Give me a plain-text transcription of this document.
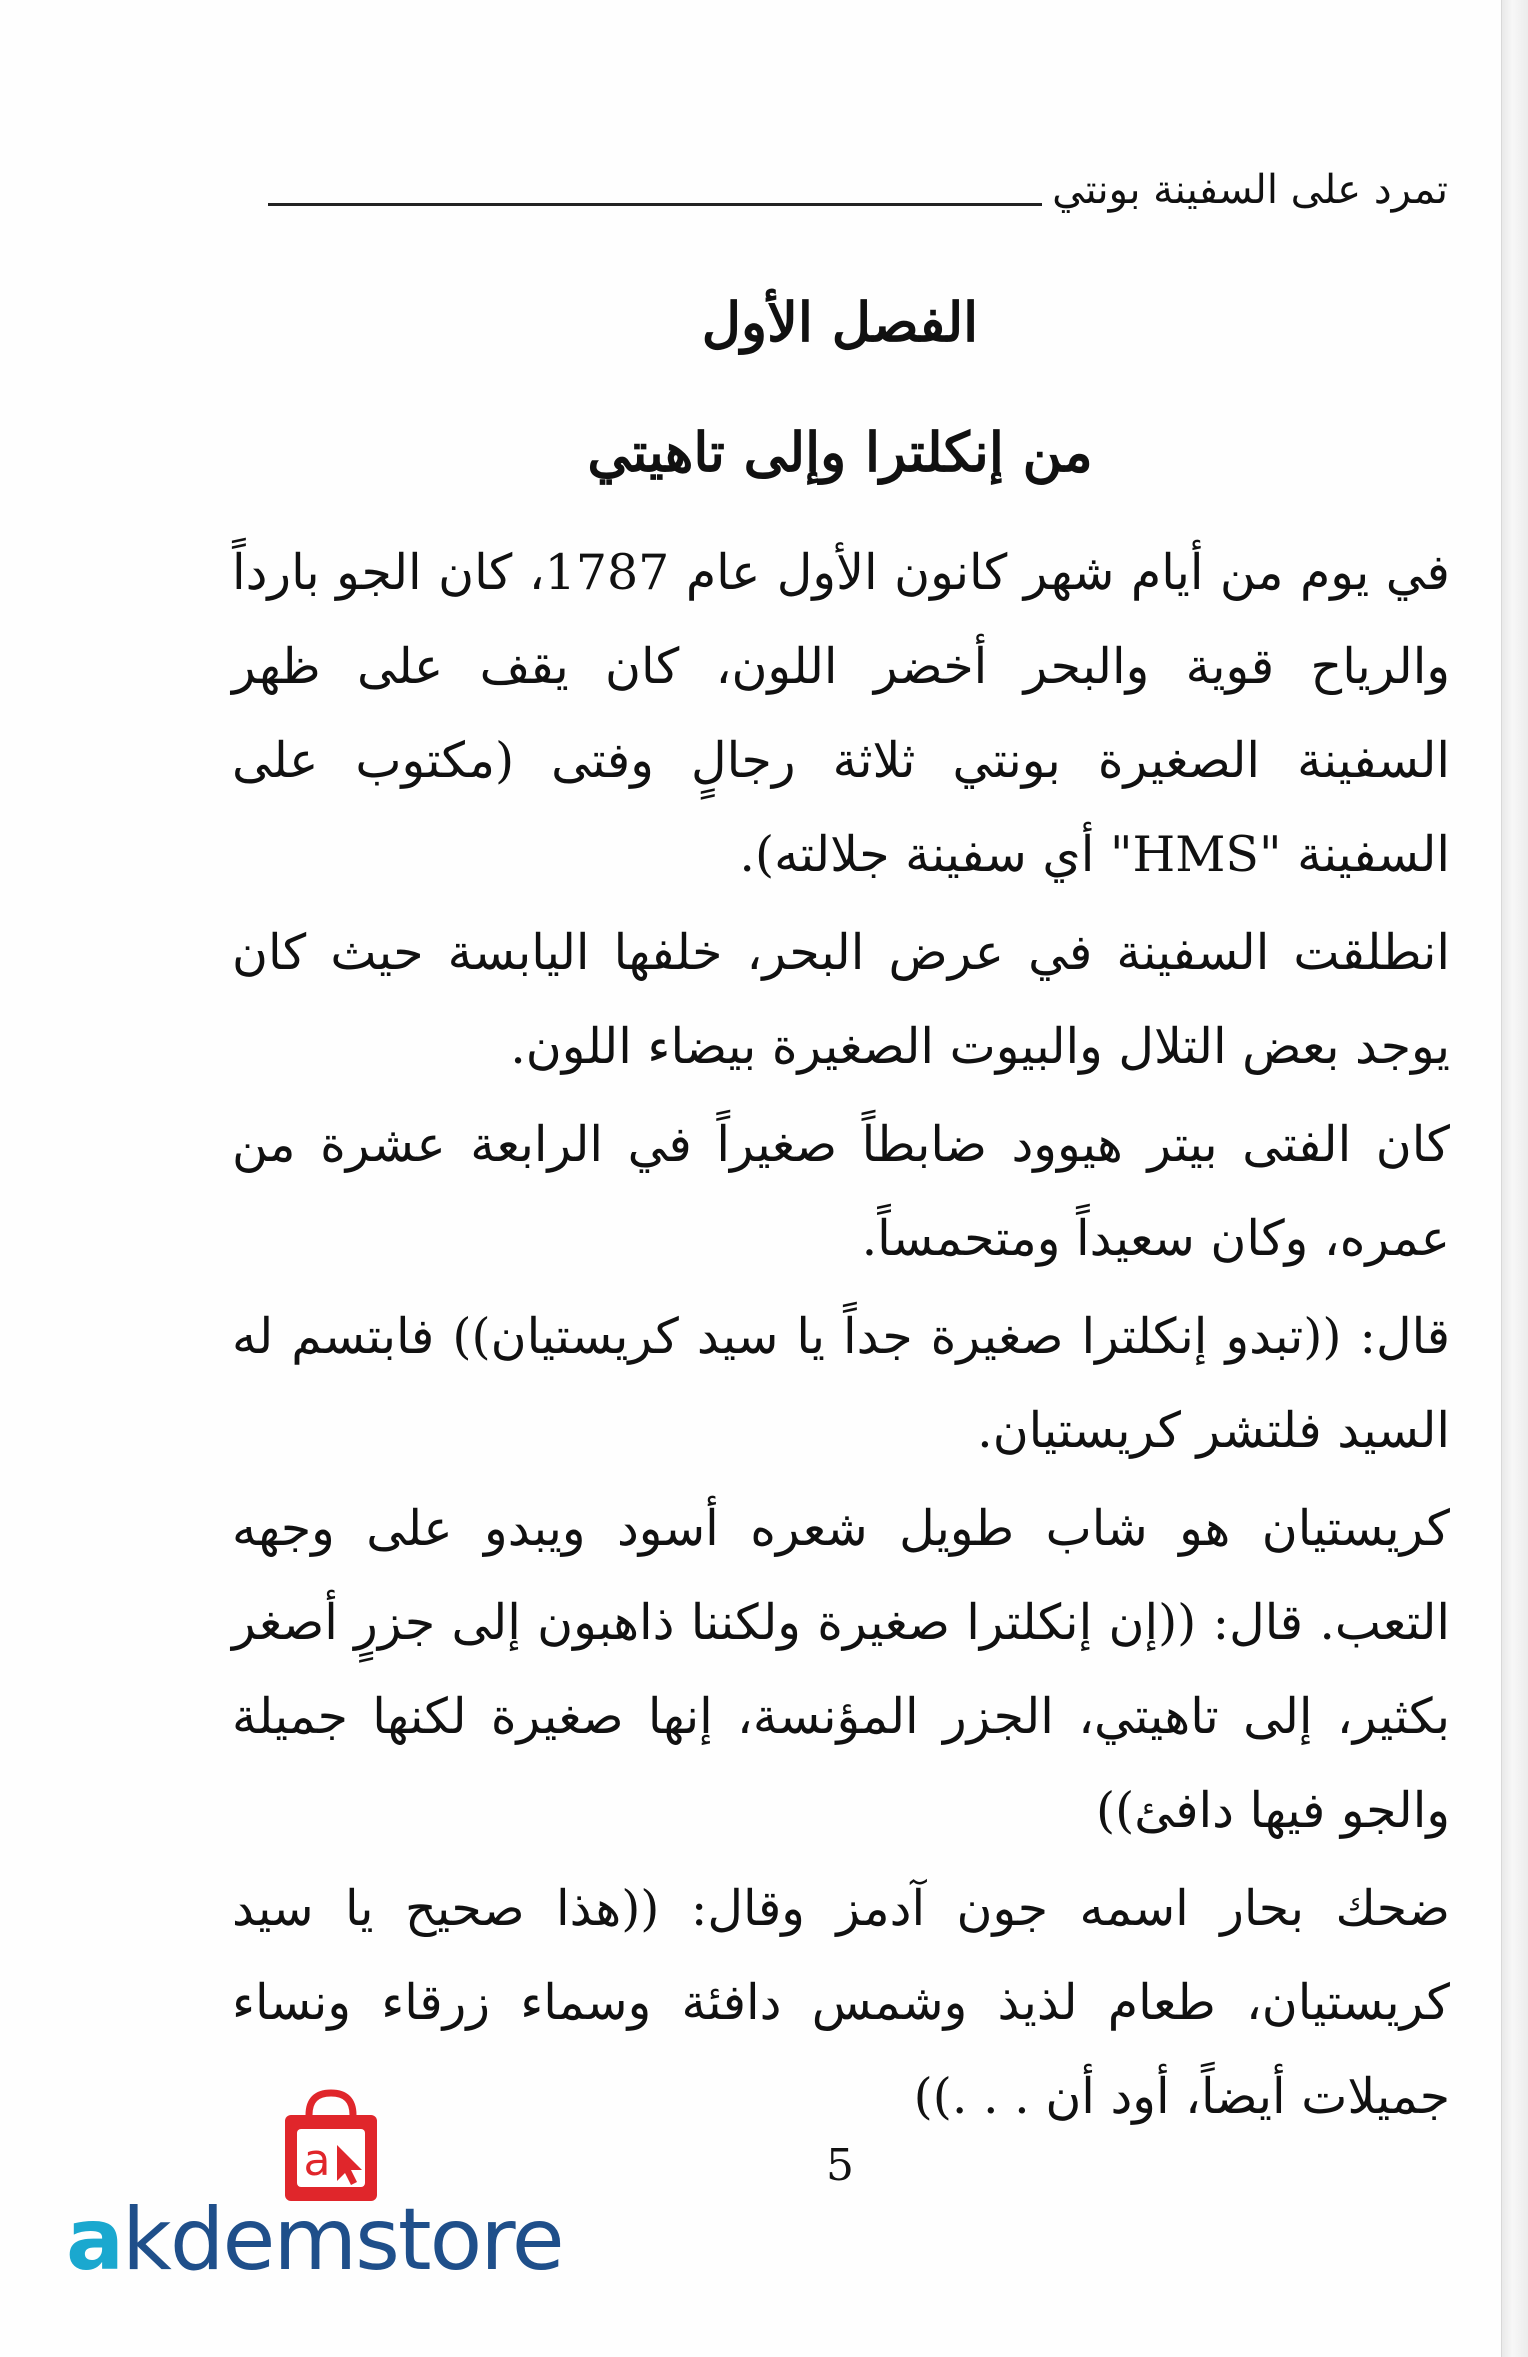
تمرد على السفينة بونتي
الفصل الأول
من إنكلترا وإلى تاهيتي

في يوم من أيام شهر كانون الأول عام 1787، كان الجو بارداً والرياح قوية والبحر أخضر اللون، كان يقف على ظهر السفينة الصغيرة بونتي ثلاثة رجالٍ وفتى (مكتوب على السفينة "HMS" أي سفينة جلالته).

انطلقت السفينة في عرض البحر، خلفها اليابسة حيث كان يوجد بعض التلال والبيوت الصغيرة بيضاء اللون.

كان الفتى بيتر هيوود ضابطاً صغيراً في الرابعة عشرة من عمره، وكان سعيداً ومتحمساً.

قال: ((تبدو إنكلترا صغيرة جداً يا سيد كريستيان)) فابتسم له السيد فلتشر كريستيان.

كريستيان هو شاب طويل شعره أسود ويبدو على وجهه التعب. قال: ((إن إنكلترا صغيرة ولكننا ذاهبون إلى جزرٍ أصغر بكثير، إلى تاهيتي، الجزر المؤنسة، إنها صغيرة لكنها جميلة والجو فيها دافئ))

ضحك بحار اسمه جون آدمز وقال: ((هذا صحيح يا سيد كريستيان، طعام لذيذ وشمس دافئة وسماء زرقاء ونساء جميلات أيضاً، أود أن . . .))

5
a
akdemstore
